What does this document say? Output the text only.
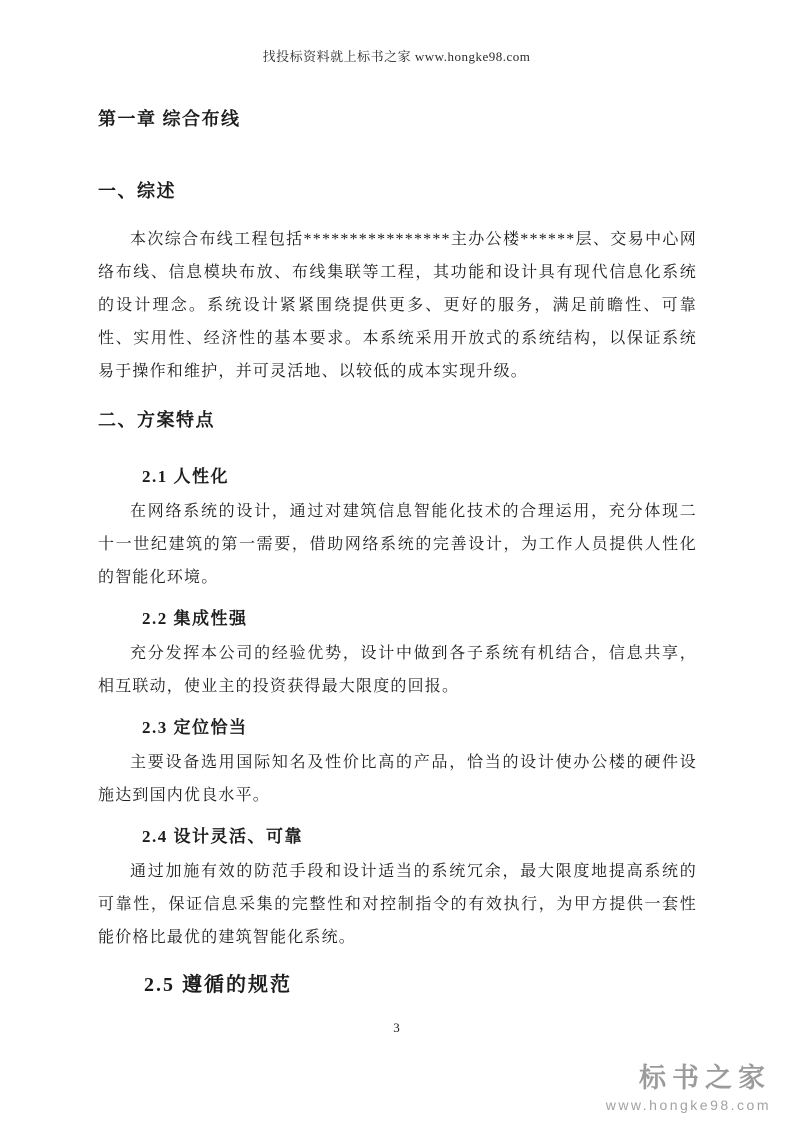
找投标资料就上标书之家 www.hongke98.com
第一章 综合布线
一、综述

本次综合布线工程包括****************主办公楼******层、交易中心网络布线、信息模块布放、布线集联等工程，其功能和设计具有现代信息化系统的设计理念。系统设计紧紧围绕提供更多、更好的服务，满足前瞻性、可靠性、实用性、经济性的基本要求。本系统采用开放式的系统结构，以保证系统易于操作和维护，并可灵活地、以较低的成本实现升级。

二、方案特点
2.1 人性化

在网络系统的设计，通过对建筑信息智能化技术的合理运用，充分体现二十一世纪建筑的第一需要，借助网络系统的完善设计，为工作人员提供人性化的智能化环境。

2.2 集成性强

充分发挥本公司的经验优势，设计中做到各子系统有机结合，信息共享，相互联动，使业主的投资获得最大限度的回报。

2.3 定位恰当

主要设备选用国际知名及性价比高的产品，恰当的设计使办公楼的硬件设施达到国内优良水平。

2.4 设计灵活、可靠

通过加施有效的防范手段和设计适当的系统冗余，最大限度地提高系统的可靠性，保证信息采集的完整性和对控制指令的有效执行，为甲方提供一套性能价格比最优的建筑智能化系统。

2.5 遵循的规范
3
标书之家
www.hongke98.com
